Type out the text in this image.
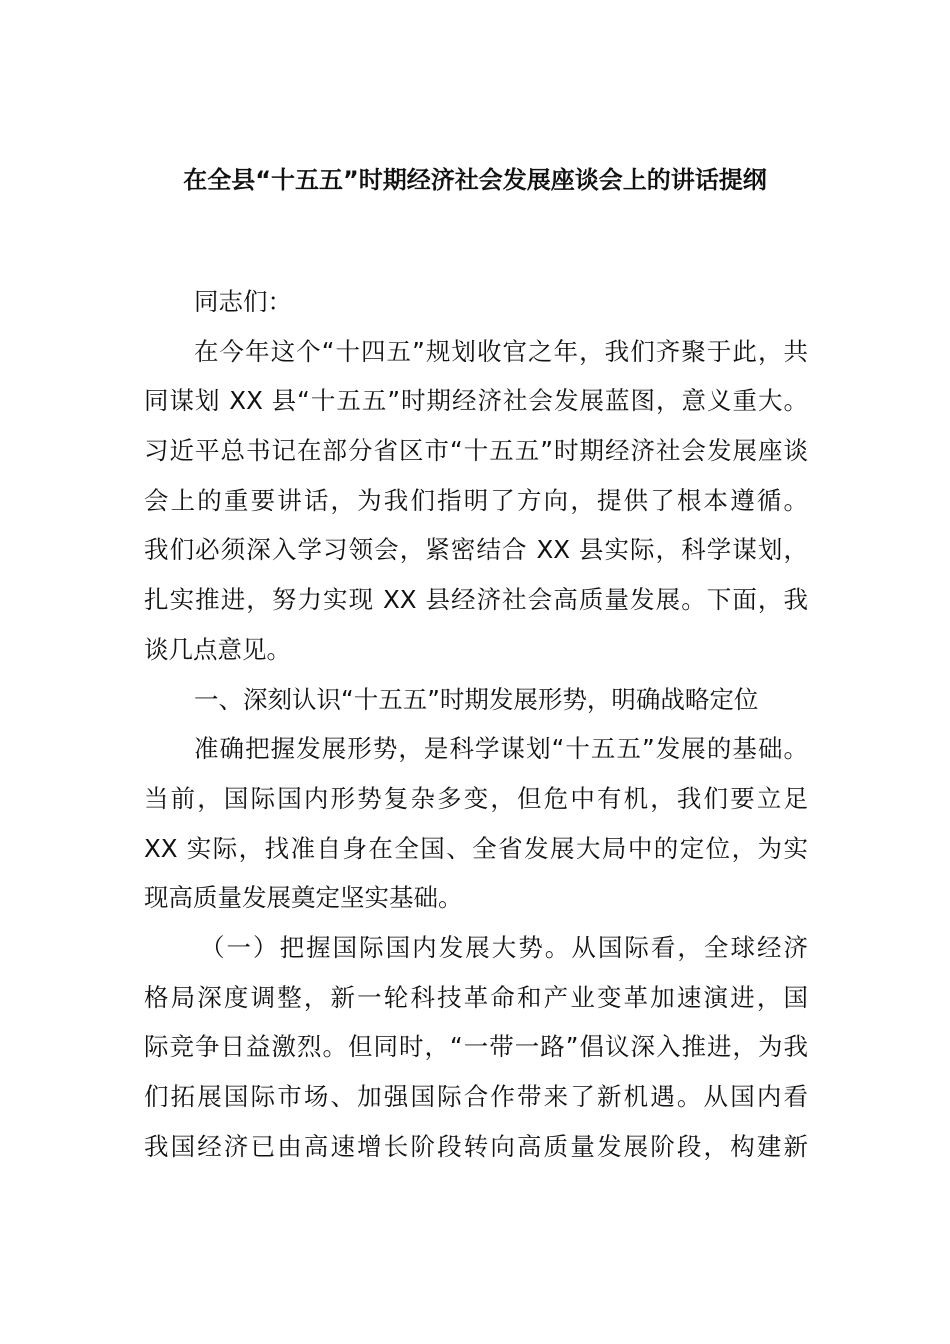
在全县“十五五”时期经济社会发展座谈会上的讲话提纲
同志们：
在今年这个“十四五”规划收官之年，我们齐聚于此，共
同谋划 XX 县“十五五”时期经济社会发展蓝图，意义重大。
习近平总书记在部分省区市“十五五”时期经济社会发展座谈
会上的重要讲话，为我们指明了方向，提供了根本遵循。
我们必须深入学习领会，紧密结合 XX 县实际，科学谋划，
扎实推进，努力实现 XX 县经济社会高质量发展。下面，我
谈几点意见。
一、深刻认识“十五五”时期发展形势，明确战略定位
准确把握发展形势，是科学谋划“十五五”发展的基础。
当前，国际国内形势复杂多变，但危中有机，我们要立足
XX 实际，找准自身在全国、全省发展大局中的定位，为实
现高质量发展奠定坚实基础。
（一）把握国际国内发展大势。从国际看，全球经济
格局深度调整，新一轮科技革命和产业变革加速演进，国
际竞争日益激烈。但同时，“一带一路”倡议深入推进，为我
们拓展国际市场、加强国际合作带来了新机遇。从国内看
我国经济已由高速增长阶段转向高质量发展阶段，构建新
